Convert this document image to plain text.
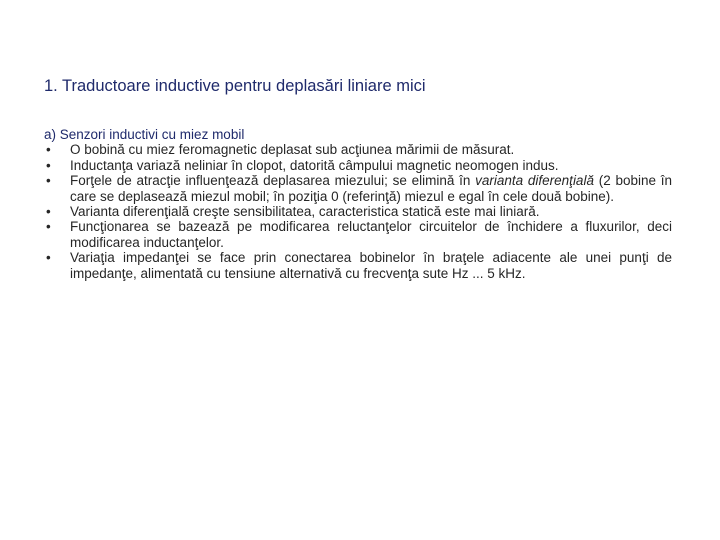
1. Traductoare inductive pentru deplasări liniare mici
a) Senzori inductivi cu miez mobil
• O bobină cu miez feromagnetic deplasat sub acţiunea mărimii de măsurat.
• Inductanţa variază neliniar în clopot, datorită câmpului magnetic neomogen indus.
• Forţele de atracţie influenţează deplasarea miezului; se elimină în varianta diferenţială (2 bobine în care se deplasează miezul mobil; în poziţia 0 (referinţă) miezul e egal în cele două bobine).
• Varianta diferenţială creşte sensibilitatea, caracteristica statică este mai liniară.
• Funcţionarea se bazează pe modificarea reluctanţelor circuitelor de închidere a fluxurilor, deci modificarea inductanţelor.
• Variaţia impedanţei se face prin conectarea bobinelor în braţele adiacente ale unei punţi de impedanţe, alimentată cu tensiune alternativă cu frecvenţa sute Hz ... 5 kHz.
